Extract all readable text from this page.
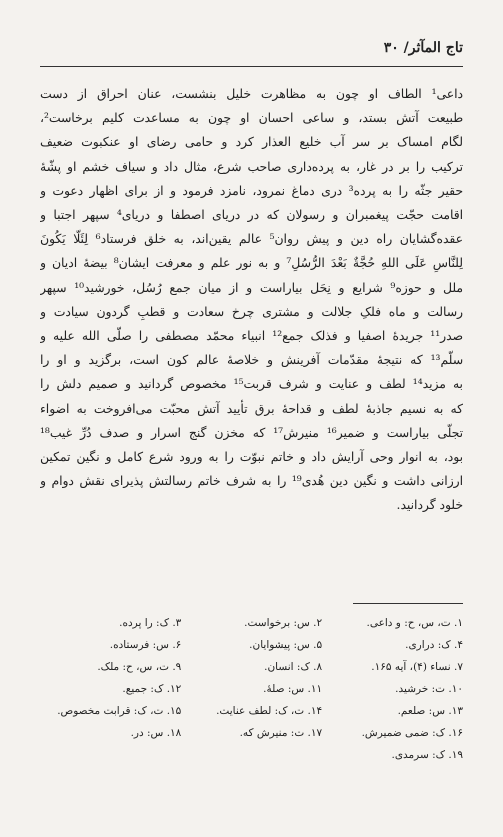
تاج المآثر/ ۳۰
داعی¹ الطاف او چون به مظاهرت خلیل بنشست، عنان احراق از دست
طبیعت آتش بستد، و ساعی احسان او چون به مساعدت کلیم برخاست²،
لگام امساک بر سر آب خلیع العذار کرد و حامی رضای او عنکبوت ضعیف
ترکیب را بر در غار، به پرده‌داری صاحب شرع، مثال داد و سیاف خشم او پشّهٔ
حقیر جثّه را به پرده³ دری دماغ نمرود، نامزد فرمود و از برای اظهار دعوت و
اقامت حجّت پیغمبران و رسولان که در دریای اصطفا و دریای⁴ سپهر اجتبا و
عقده‌گشایان راه دین و پیش روان⁵ عالم یقین‌اند، به خلق فرستاد⁶ لِئَلّا یَکُونَ
لِلنَّاسِ عَلَی اللهِ حُجَّةٌ بَعْدَ الرُّسُلِ⁷ و به نور علم و معرفت ایشان⁸ بیضهٔ ادیان و
ملل و حوزه⁹ شرایع و نِحَل بیاراست و از میان جمع رُسُل، خورشید¹⁰ سپهر
رسالت و ماه فلکِ جلالت و مشتری چرخ سعادت و قطبِ گردون سیادت و
صدر¹¹ جریدهٔ اصفیا و فذلک جمع¹² انبیاء محمّد مصطفی را صلّی الله علیه و
سلّم¹³ که نتیجهٔ مقدّمات آفرینش و خلاصهٔ عالم کون است، برگزید و او را
به مزید¹⁴ لطف و عنایت و شرف قربت¹⁵ مخصوص گردانید و صمیم دلش را
که به نسیم جاذبهٔ لطف و قداحهٔ برق تأیید آتش محبّت می‌افروخت به اضواء
تجلّی بیاراست و ضمیر¹⁶ منیرش¹⁷ که مخزن گنج اسرار و صدف دُرِّ غیب¹⁸
بود، به انوار وحی آرایش داد و خاتم نبوّت را به ورود شرع کامل و نگین تمکین
ارزانی داشت و نگین دین هُدی¹⁹ را به شرف خاتم رسالتش پذیرای نقش دوام و
خلود گردانید.
۱. ت، س، ح: و داعی.
۲. س: برخواست.
۳. ک: را پرده.
۴. ک: دراری.
۵. س: پیشوایان.
۶. س: فرستاده.
۷. نساء (۴)، آیه ۱۶۵.
۸. ک: انسان.
۹. ت، س، ح: ملک.
۱۰. ت: خرشید.
۱۱. س: صلهٔ.
۱۲. ک: جمیع.
۱۳. س: صلعم.
۱۴. ت، ک: لطف عنایت.
۱۵. ت، ک: قرابت مخصوص.
۱۶. ک: ضمی ضمیرش.
۱۷. ت: منیرش که.
۱۸. س: در.
۱۹. ک: سرمدی.
